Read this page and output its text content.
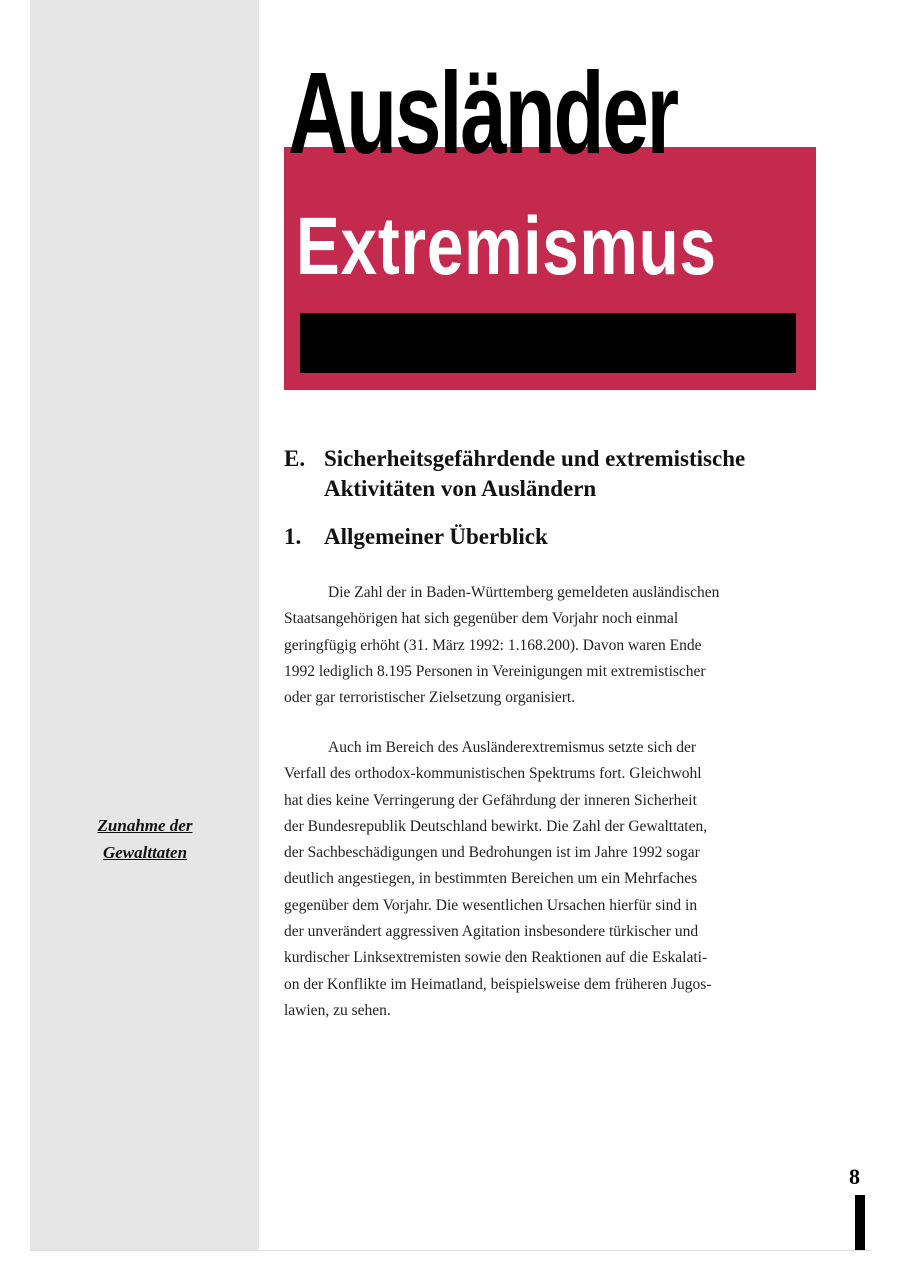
Zunahme der
Gewalttaten
Ausländer
Extremismus
E. Sicherheitsgefährdende und extremistische
Aktivitäten von Ausländern
1. Allgemeiner Überblick
Die Zahl der in Baden-Württemberg gemeldeten ausländischen
Staatsangehörigen hat sich gegenüber dem Vorjahr noch einmal
geringfügig erhöht (31. März 1992: 1.168.200). Davon waren Ende
1992 lediglich 8.195 Personen in Vereinigungen mit extremistischer
oder gar terroristischer Zielsetzung organisiert.
Auch im Bereich des Ausländerextremismus setzte sich der
Verfall des orthodox-kommunistischen Spektrums fort. Gleichwohl
hat dies keine Verringerung der Gefährdung der inneren Sicherheit
der Bundesrepublik Deutschland bewirkt. Die Zahl der Gewalttaten,
der Sachbeschädigungen und Bedrohungen ist im Jahre 1992 sogar
deutlich angestiegen, in bestimmten Bereichen um ein Mehrfaches
gegenüber dem Vorjahr. Die wesentlichen Ursachen hierfür sind in
der unverändert aggressiven Agitation insbesondere türkischer und
kurdischer Linksextremisten sowie den Reaktionen auf die Eskalati-
on der Konflikte im Heimatland, beispielsweise dem früheren Jugos-
lawien, zu sehen.
8
